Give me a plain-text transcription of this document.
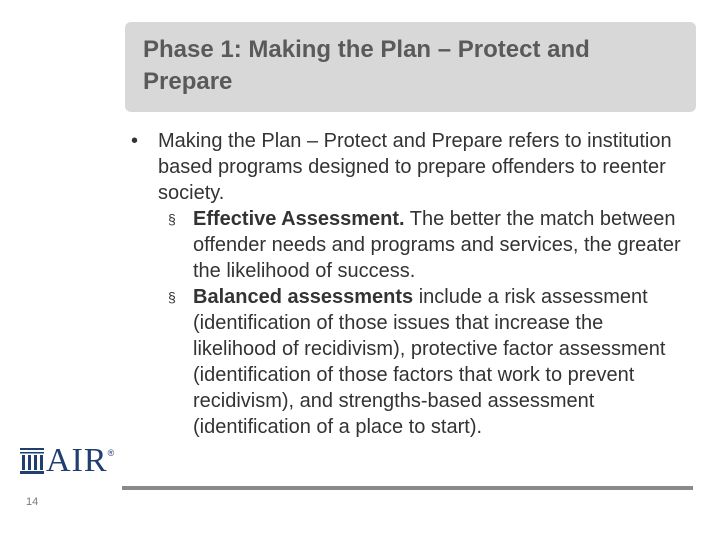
Phase 1: Making the Plan – Protect and Prepare
• Making the Plan – Protect and Prepare refers to institution based programs designed to prepare offenders to reenter society.
§ Effective Assessment. The better the match between offender needs and programs and services, the greater the likelihood of success.
§ Balanced assessments include a risk assessment (identification of those issues that increase the likelihood of recidivism), protective factor assessment (identification of those factors that work to prevent recidivism), and strengths-based assessment (identification of a place to start).
AIR ®
14
